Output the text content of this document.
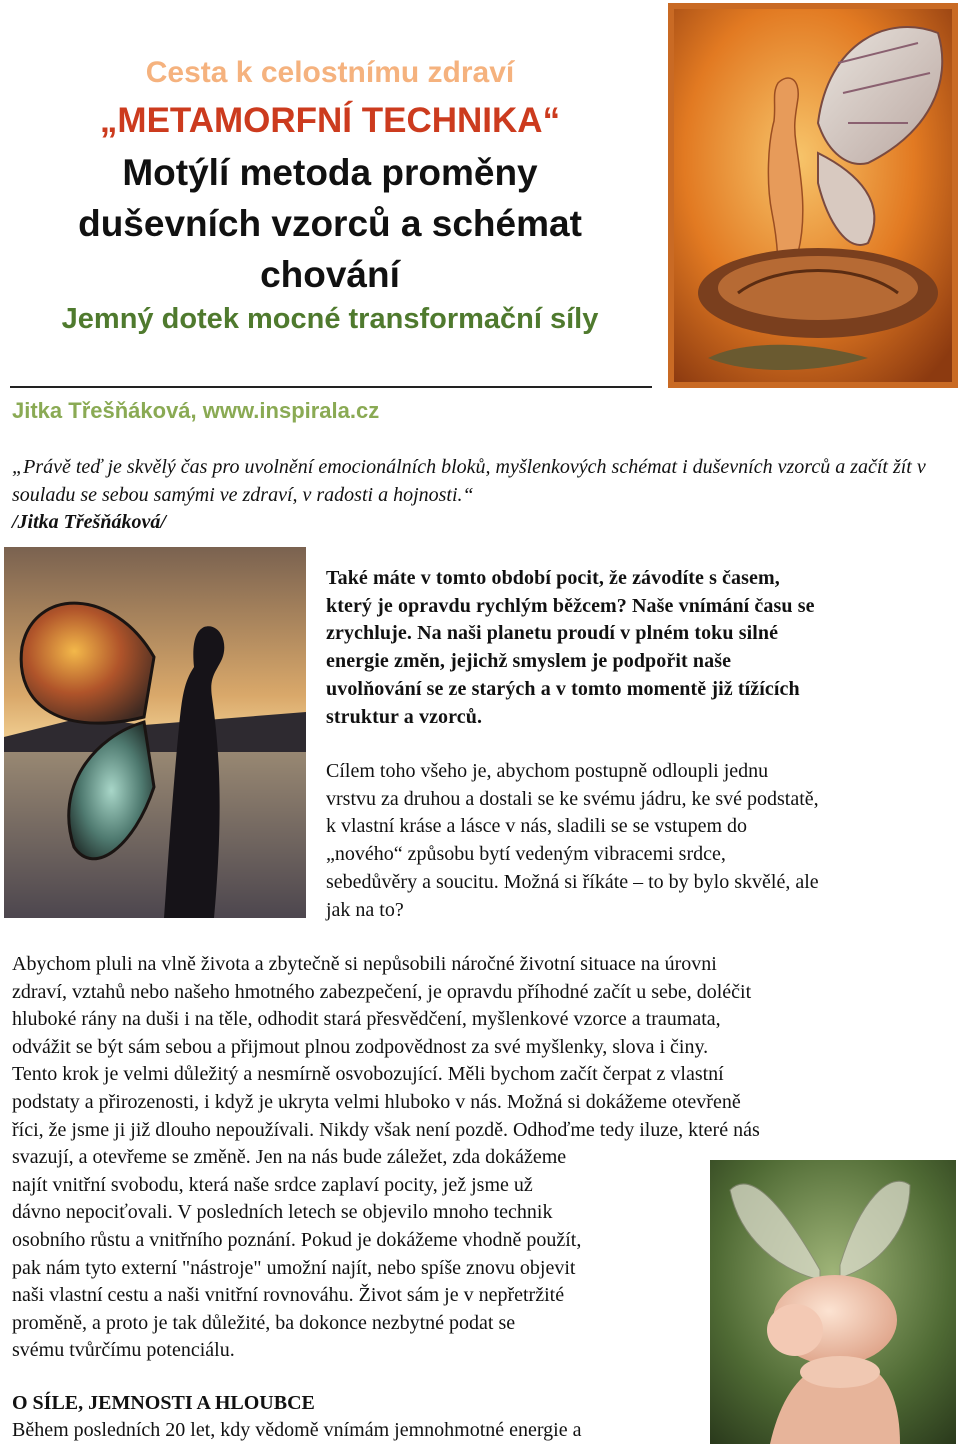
Cesta k celostnímu zdraví
„METAMORFNÍ TECHNIKA“
Motýlí metoda proměny
duševních vzorců a schémat
chování
Jemný dotek mocné transformační síly
Jitka Třešňáková, www.inspirala.cz
„Právě teď je skvělý čas pro uvolnění emocionálních bloků, myšlenkových schémat i duševních vzorců a začít žít v souladu se sebou samými ve zdraví, v radosti a hojnosti.“
/Jitka Třešňáková/
Také máte v tomto období pocit, že závodíte s časem,
který je opravdu rychlým běžcem? Naše vnímání času se
zrychluje. Na naši planetu proudí v plném toku silné
energie změn, jejichž smyslem je podpořit naše
uvolňování se ze starých a v tomto momentě již tížících
struktur a vzorců.
Cílem toho všeho je, abychom postupně odloupli jednu
vrstvu za druhou a dostali se ke svému jádru, ke své podstatě,
k vlastní kráse a lásce v nás, sladili se se vstupem do
„nového“ způsobu bytí vedeným vibracemi srdce,
sebedůvěry a soucitu. Možná si říkáte – to by bylo skvělé, ale
jak na to?
Abychom pluli na vlně života a zbytečně si nepůsobili náročné životní situace na úrovni
zdraví, vztahů nebo našeho hmotného zabezpečení, je opravdu příhodné začít u sebe, doléčit
hluboké rány na duši i na těle, odhodit stará přesvědčení, myšlenkové vzorce a traumata,
odvážit se být sám sebou a přijmout plnou zodpovědnost za své myšlenky, slova i činy.
Tento krok je velmi důležitý a nesmírně osvobozující. Měli bychom začít čerpat z vlastní
podstaty a přirozenosti, i když je ukryta velmi hluboko v nás. Možná si dokážeme otevřeně
říci, že jsme ji již dlouho nepoužívali. Nikdy však není pozdě. Odhoďme tedy iluze, které nás
svazují, a otevřeme se změně. Jen na nás bude záležet, zda dokážeme
najít vnitřní svobodu, která naše srdce zaplaví pocity, jež jsme už
dávno nepociťovali. V posledních letech se objevilo mnoho technik
osobního růstu a vnitřního poznání. Pokud je dokážeme vhodně použít,
pak nám tyto externí "nástroje" umožní najít, nebo spíše znovu objevit
naši vlastní cestu a naši vnitřní rovnováhu. Život sám je v nepřetržité
proměně, a proto je tak důležité, ba dokonce nezbytné podat se
svému tvůrčímu potenciálu.
O SÍLE, JEMNOSTI A HLOUBCE
Během posledních 20 let, kdy vědomě vnímám jemnohmotné energie a
